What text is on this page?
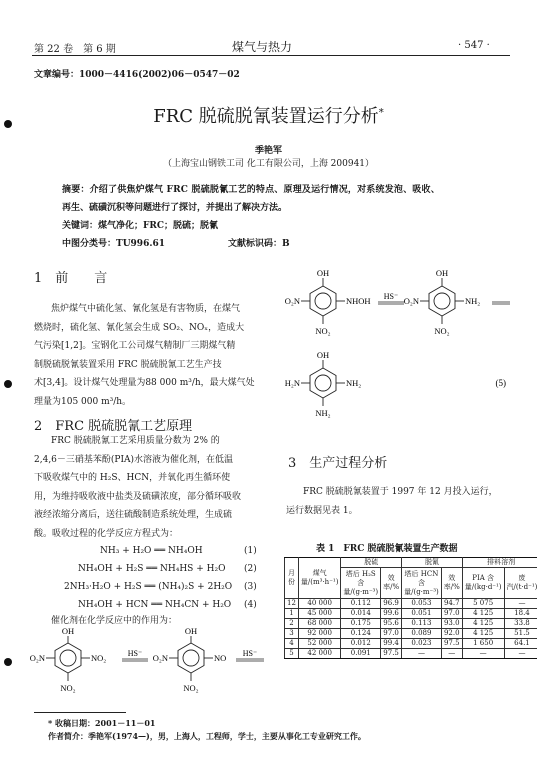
第 22 卷　第 6 期	煤气与热力	· 547 ·
文章编号：1000－4416(2002)06－0547－02
FRC 脱硫脱氰装置运行分析*
季艳军
（上海宝山钢铁工司 化工有限公司，上海 200941）
摘要：介绍了供焦炉煤气 FRC 脱硫脱氰工艺的特点、原理及运行情况，对系统发泡、吸收、
再生、硫磺沉积等问题进行了探讨，并提出了解决方法。
关键词：煤气净化；FRC；脱硫；脱氰
中图分类号：TU996.61	文献标识码：B
1　前　　言
焦炉煤气中硫化氢、氰化氢是有害物质，在煤气
燃烧时，硫化氢、氰化氢会生成 SO₂、NOₓ，造成大
气污染[1,2]。宝钢化工公司煤气精制厂三期煤气精
制脱硫脱氰装置采用 FRC 脱硫脱氰工艺生产技
术[3,4]。设计煤气处理量为88 000 m³/h，最大煤气处
理量为105 000 m³/h。
2　FRC 脱硫脱氰工艺原理
FRC 脱硫脱氰工艺采用质量分数为 2% 的
2,4,6－三硝基苯酚(PIA)水溶液为催化剂，在低温
下吸收煤气中的 H₂S、HCN，并氧化再生循环使
用，为维持吸收液中盐类及硫磺浓度，部分循环吸收
液经浓缩分离后，送往硫酸制造系统处理，生成硫
酸。吸收过程的化学反应方程式为：
NH₃ + H₂O ══ NH₄OH	(1)
NH₄OH + H₂S ══ NH₄HS + H₂O (2)
2NH₃·H₂O + H₂S ══ (NH₄)₂S + 2H₂O (3)
NH₄OH + HCN ══ NH₄CN + H₂O (4)
催化剂在化学反应中的作用为：
OH
O₂N	NO₂
NO₂
HS⁻
OH
O₂N	NO
NO₂
HS⁻
OH
O₂N	NHOH
NO₂
HS⁻
OH
O₂N	NH₂
NO₂
OH
H₂N	NH₂
NH₂
(5)
3　生产过程分析
FRC 脱硫脱氰装置于 1997 年 12 月投入运行，
运行数据见表 1。
表 1　FRC 脱硫脱氰装置生产数据
月份	煤气量/(m³·h⁻¹)	脱硫		脱氰		排料溶剂	
		塔后 H₂S 含量/(g·m⁻³)	效率/%	塔后 HCN 含量/(g·m⁻³)	效率/%	PIA 含量/(kg·d⁻¹)	废汽/(t·d⁻¹)
12	40 000	0.112	96.9	0.053	94.7	5 075	—
1	45 000	0.014	99.6	0.051	97.0	4 125	18.4
2	68 000	0.175	95.6	0.113	93.0	4 125	33.8
3	92 000	0.124	97.0	0.089	92.0	4 125	51.5
4	52 000	0.012	99.4	0.023	97.5	1 650	64.1
5	42 000	0.091	97.5	—	—	—	—
* 收稿日期：2001－11－01
作者简介：季艳军(1974—)，男，上海人，工程师，学士，主要从事化工专业研究工作。
